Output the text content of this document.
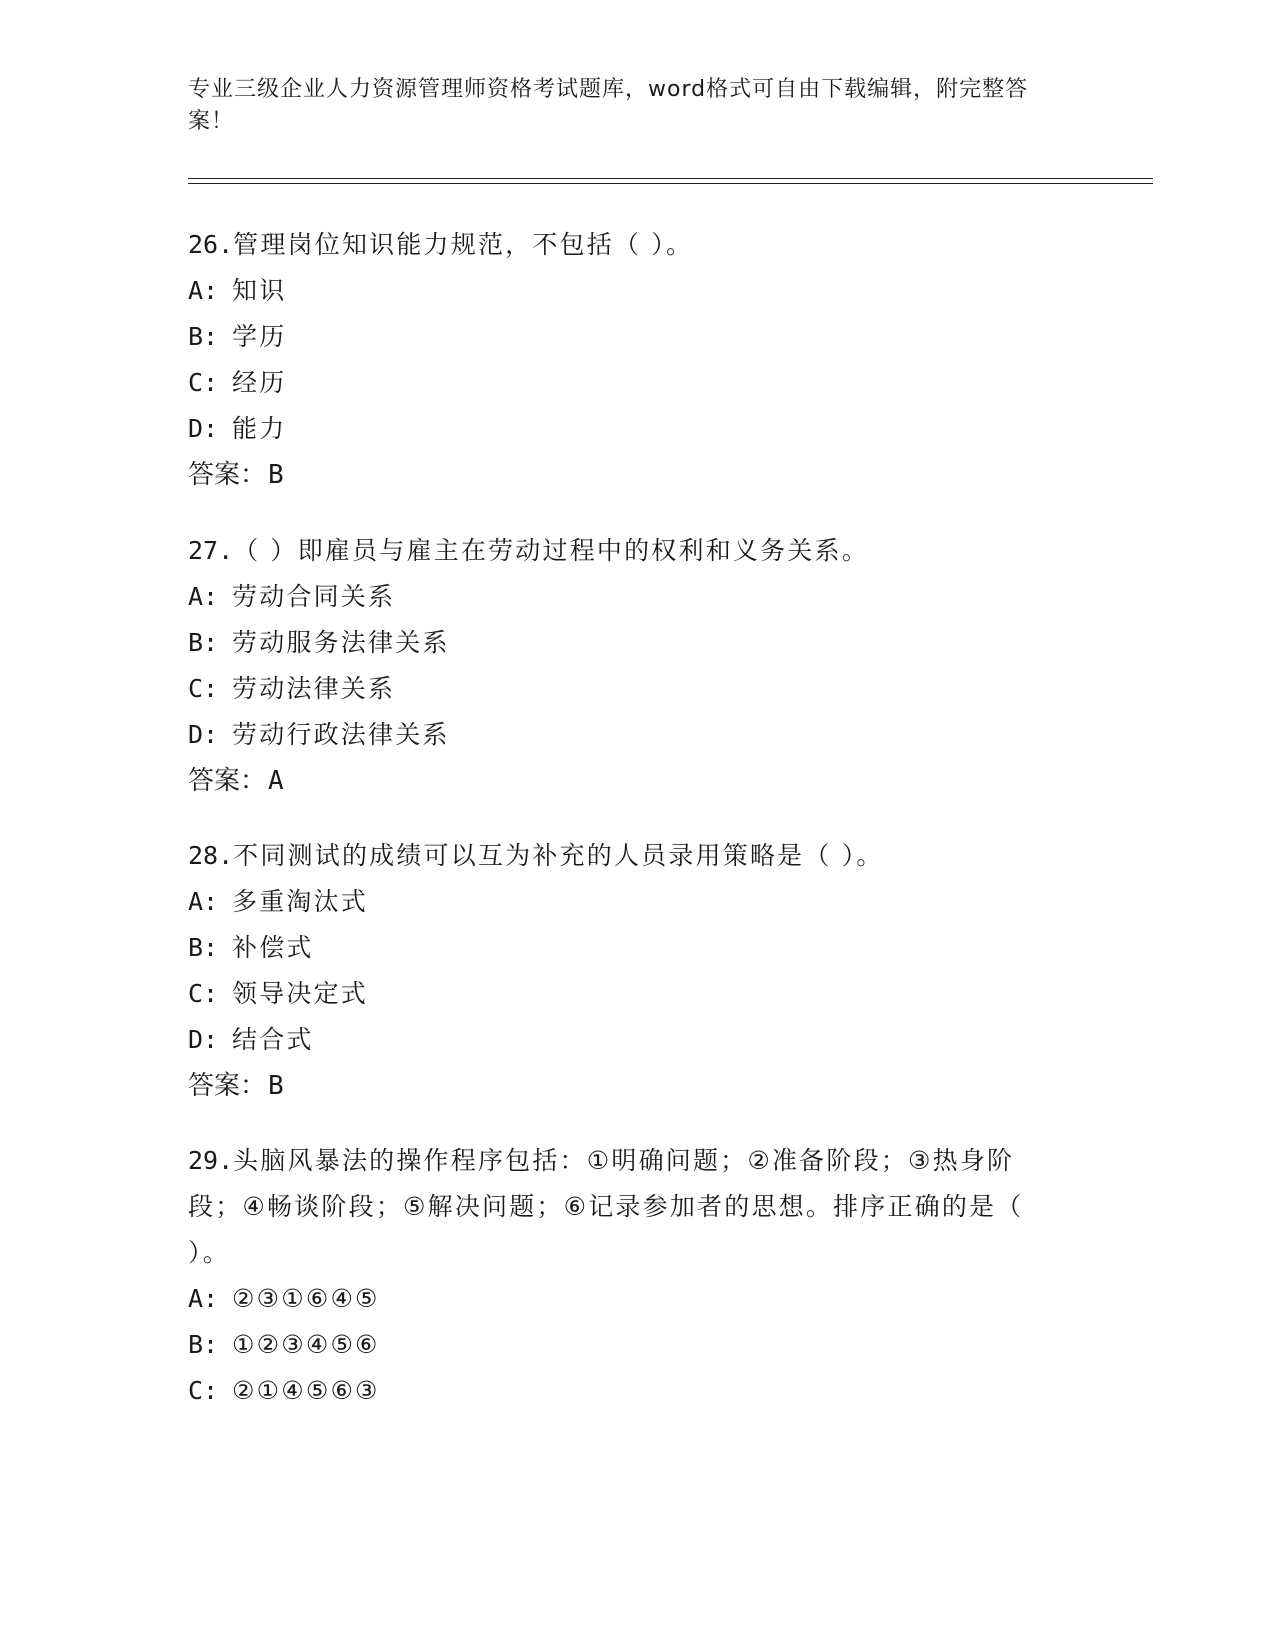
专业三级企业人力资源管理师资格考试题库，word格式可自由下载编辑，附完整答案！
26.管理岗位知识能力规范，不包括（ ）。
A: 知识
B: 学历
C: 经历
D: 能力
答案：B
27.（ ）即雇员与雇主在劳动过程中的权利和义务关系。
A: 劳动合同关系
B: 劳动服务法律关系
C: 劳动法律关系
D: 劳动行政法律关系
答案：A
28.不同测试的成绩可以互为补充的人员录用策略是（ ）。
A: 多重淘汰式
B: 补偿式
C: 领导决定式
D: 结合式
答案：B
29.头脑风暴法的操作程序包括：①明确问题；②准备阶段；③热身阶段；④畅谈阶段；⑤解决问题；⑥记录参加者的思想。排序正确的是（ ）。
A: ②③①⑥④⑤
B: ①②③④⑤⑥
C: ②①④⑤⑥③
